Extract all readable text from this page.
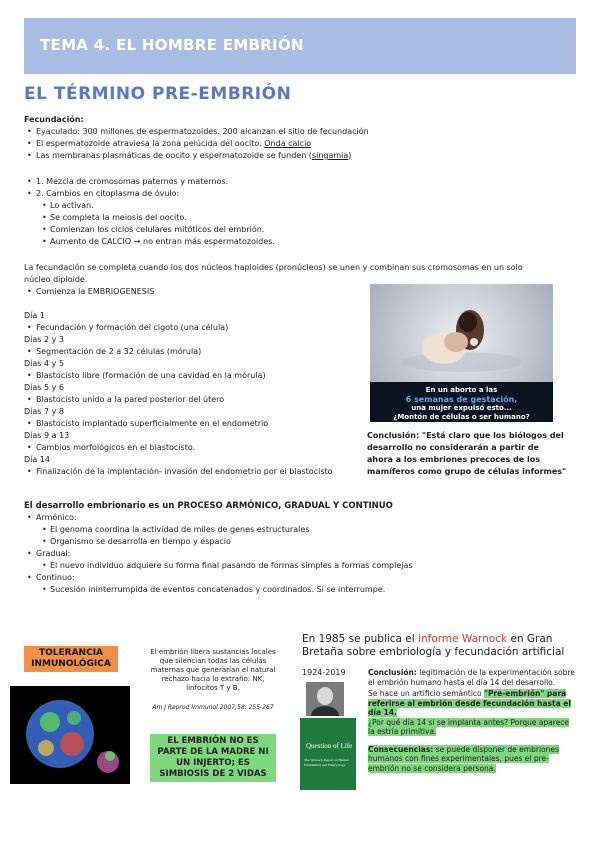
TEMA 4. EL HOMBRE EMBRIÓN
EL TÉRMINO PRE-EMBRIÓN
Fecundación:
• Eyaculado: 300 millones de espermatozoides. 200 alcanzan el sitio de fecundación
• El espermatozoide atraviesa la zona pelúcida del oocito. Onda calcio
• Las membranas plasmáticas de oocito y espermatozoide se funden (singamia)
• 1. Mezcla de cromosomas paternos y maternos.
• 2. Cambios en citoplasma de óvulo:
• Lo activan.
• Se completa la meiosis del oocito.
• Comienzan los ciclos celulares mitóticos del embrión.
• Aumento de CALCIO → no entran más espermatozoides.
La fecundación se completa cuando los dos núcleos haploides (pronúcleos) se unen y combinan sus cromosomas en un solo núcleo diploide.
• Comienza la EMBRIOGENESIS
Día 1
• Fecundación y formación del cigoto (una célula)
Días 2 y 3
• Segmentación de 2 a 32 células (mórula)
Días 4 y 5
• Blastocisto libre (formación de una cavidad en la mórula)
Días 5 y 6
• Blastocisto unido a la pared posterior del útero
Días 7 y 8
• Blastocisto implantado superficialmente en el endometrio
Días 9 a 13
• Cambios morfológicos en el blastocisto.
Día 14
• Finalización de la implantación- invasión del endometrio por el blastocisto
En un aborto a las
6 semanas de gestación,
una mujer expulsó esto...
¿Montón de células o ser humano?
Conclusión: "Está claro que los biólogos del desarrollo no considerarán a partir de ahora a los embriones precoces de los mamíferos como grupo de células informes"
El desarrollo embrionario es un PROCESO ARMÓNICO, GRADUAL Y CONTINUO
• Armónico:
• El genoma coordina la actividad de miles de genes estructurales
• Organismo se desarrolla en tiempo y espacio
• Gradual:
• El nuevo individuo adquiere su forma final pasando de formas simples a formas complejas
• Continuo:
• Sucesión ininterrumpida de eventos concatenados y coordinados. Si se interrumpe.
TOLERANCIA INMUNOLÓGICA
El embrión libera sustancias locales que silencian todas las células maternas que generarían el natural rechazo hacia lo extraño: NK, linfocitos T y B.
Am J Reprod Immunol 2007;58: 255-267
EL EMBRIÓN NO ES PARTE DE LA MADRE NI UN INJERTO; ES SIMBIOSIS DE 2 VIDAS
En 1985 se publica el informe Warnock en Gran Bretaña sobre embriología y fecundación artificial
1924-2019
Question of Life
The Warnock Report on Human Fertilisation and Embryology
Conclusión: legitimación de la experimentación sobre el embrión humano hasta el día 14 del desarrollo.
Se hace un artificio semántico "Pre-embrión" para referirse al embrión desde fecundación hasta el día 14.
¿Por qué día 14 si se implanta antes? Porque aparece la estría primitiva.
Consecuencias: se puede disponer de embriones humanos con fines experimentales, pues el pre-embrión no se considera persona.
